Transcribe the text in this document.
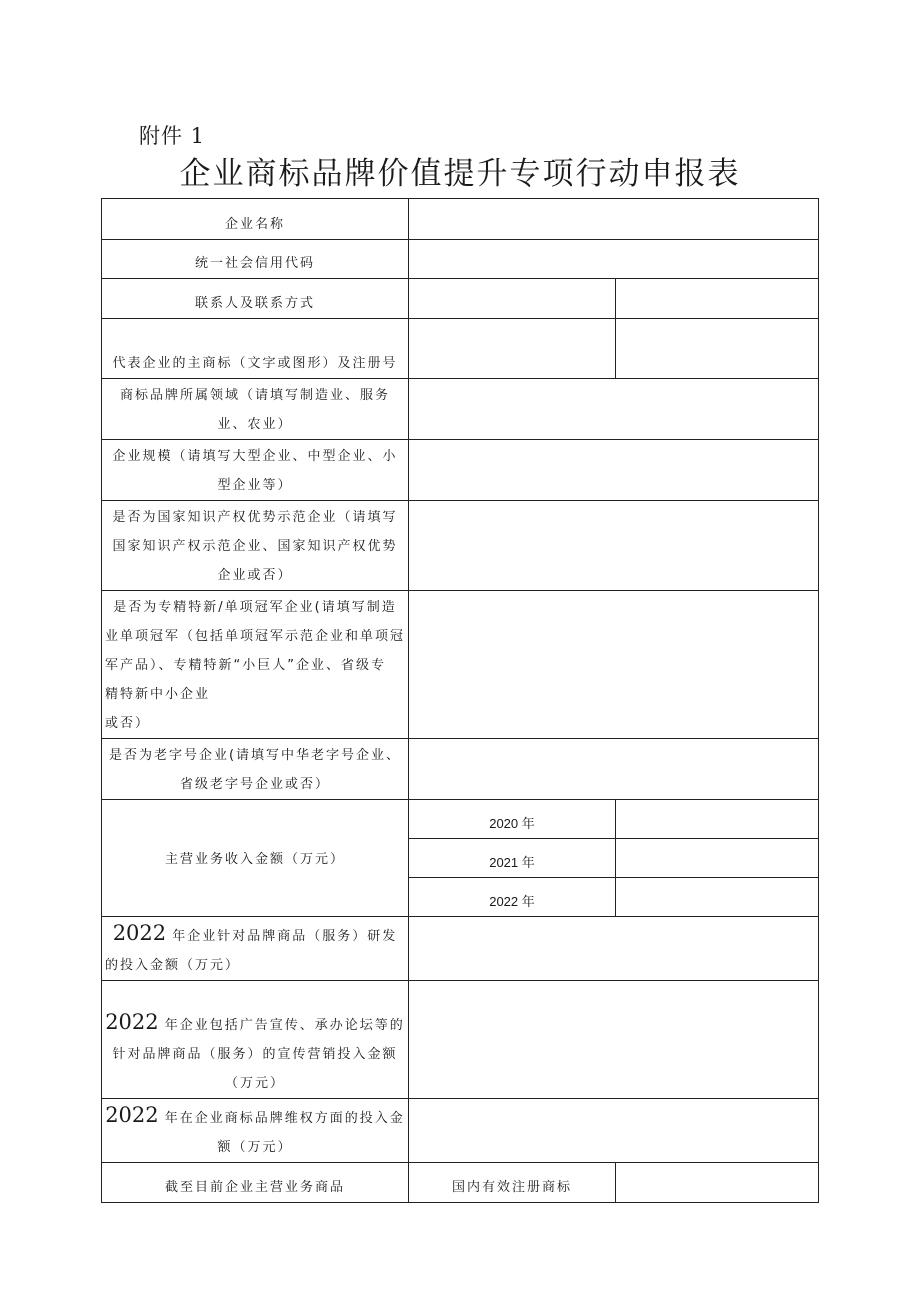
附件 1
企业商标品牌价值提升专项行动申报表
企业名称		
统一社会信用代码		
联系人及联系方式		
代表企业的主商标（文字或图形）及注册号		

商标品牌所属领域（请填写制造业、服务
业、农业）		

企业规模（请填写大型企业、中型企业、小
型企业等）		

是否为国家知识产权优势示范企业（请填写
国家知识产权示范企业、国家知识产权优势
企业或否）		

是否为专精特新/单项冠军企业(请填写制造
业单项冠军（包括单项冠军示范企业和单项冠
军产品）、专精特新“小巨人”企业、省级专
精特新中小企业
或否）		

是否为老字号企业(请填写中华老字号企业、
省级老字号企业或否）		

主营业务收入金额（万元）	2020 年	
	2021 年	
	2022 年	

2022 年企业针对品牌商品（服务）研发
的投入金额（万元）		

2022 年企业包括广告宣传、承办论坛等的
针对品牌商品（服务）的宣传营销投入金额
（万元）		

2022 年在企业商标品牌维权方面的投入金
额（万元）		

截至目前企业主营业务商品	国内有效注册商标	
